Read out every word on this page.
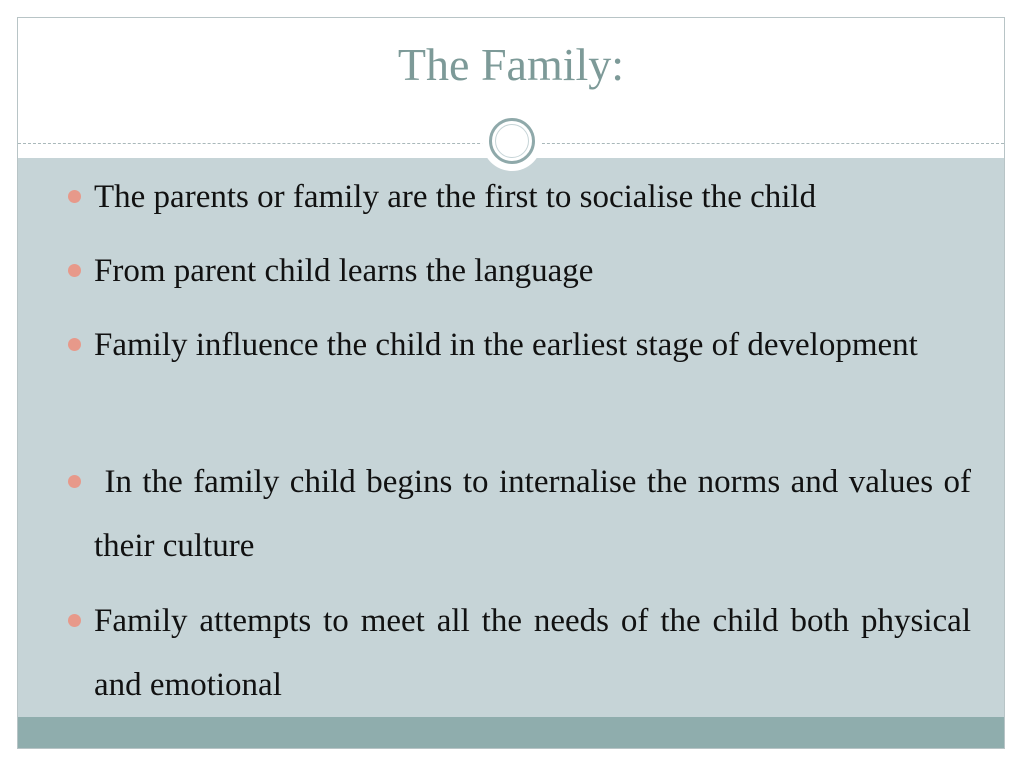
The Family:
The parents or family are the first to socialise the child
From parent child learns the language
Family influence the child in the earliest stage of development
In the family child begins to internalise the norms and values of their culture
Family attempts to meet all the needs of the child both physical and emotional
